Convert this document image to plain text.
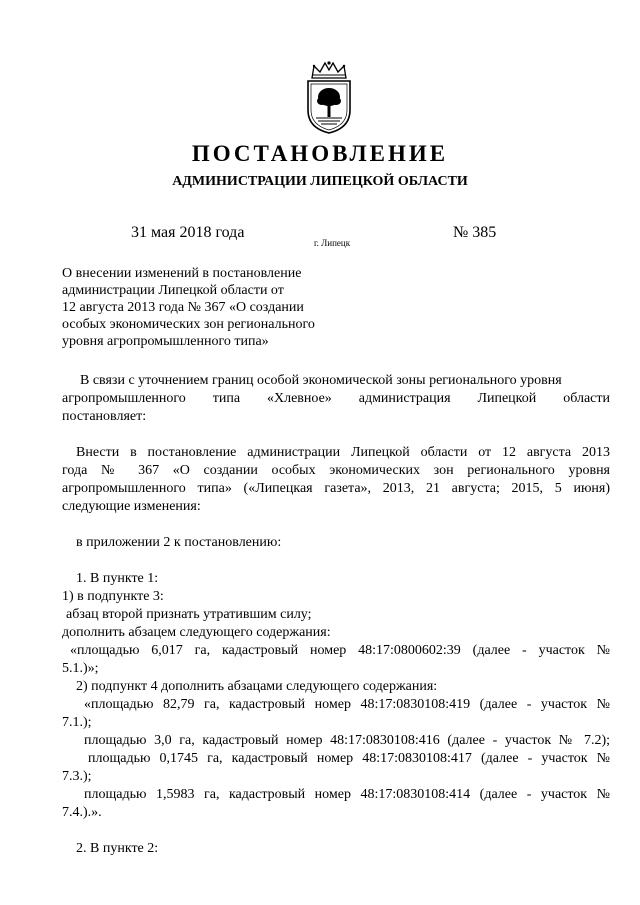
ПОСТАНОВЛЕНИЕ
АДМИНИСТРАЦИИ ЛИПЕЦКОЙ ОБЛАСТИ
31 мая 2018 года
г. Липецк
№ 385
О внесении изменений в постановление
администрации Липецкой области от
12 августа 2013 года № 367 «О создании
особых экономических зон регионального
уровня агропромышленного типа»

В связи с уточнением границ особой экономической зоны регионального уровня

агропромышленного типа «Хлевное» администрация Липецкой области

постановляет:

Внести в постановление администрации Липецкой области от 12 августа 2013

года № 367 «О создании особых экономических зон регионального уровня

агропромышленного типа» («Липецкая газета», 2013, 21 августа; 2015, 5 июня)

следующие изменения:

в приложении 2 к постановлению:

1. В пункте 1:

1) в подпункте 3:

абзац второй признать утратившим силу;

дополнить абзацем следующего содержания:

«площадью 6,017 га, кадастровый номер 48:17:0800602:39 (далее - участок №

5.1.)»;

2) подпункт 4 дополнить абзацами следующего содержания:

«площадью 82,79 га, кадастровый номер 48:17:0830108:419 (далее - участок №

7.1.);

площадью 3,0 га, кадастровый номер 48:17:0830108:416 (далее - участок № 7.2);

площадью 0,1745 га, кадастровый номер 48:17:0830108:417 (далее - участок №

7.3.);

площадью 1,5983 га, кадастровый номер 48:17:0830108:414 (далее - участок №

7.4.).».

2. В пункте 2:
